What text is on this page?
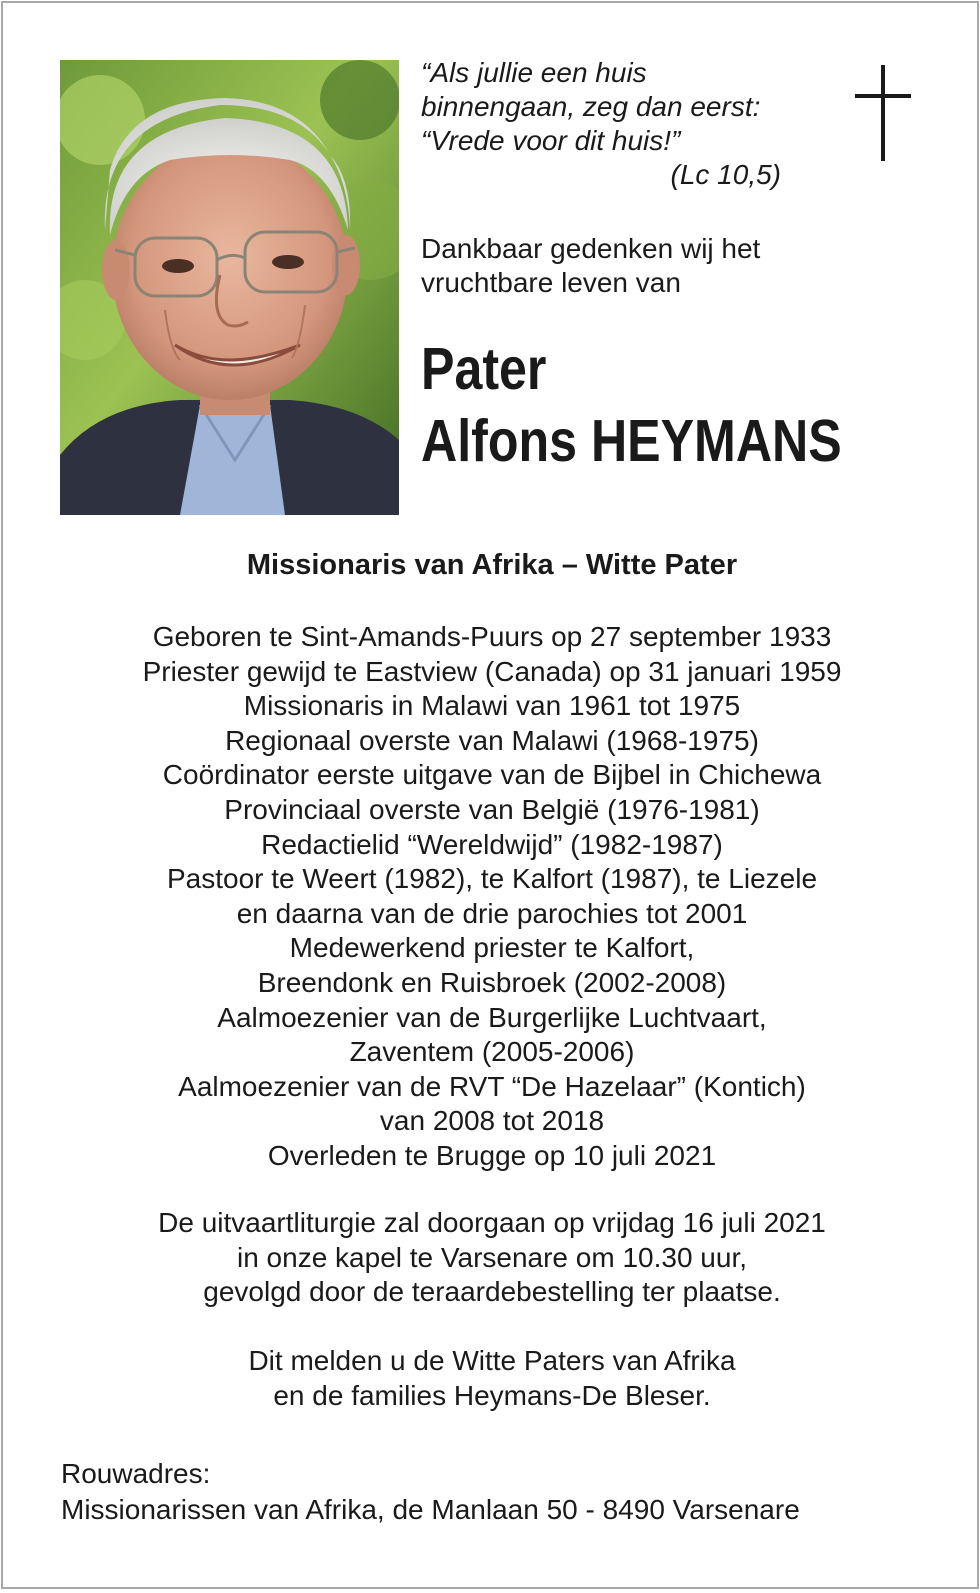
“Als jullie een huis
binnengaan, zeg dan eerst:
“Vrede voor dit huis!”
(Lc 10,5)
Dankbaar gedenken wij het
vruchtbare leven van
Pater
Alfons HEYMANS
Missionaris van Afrika – Witte Pater
Geboren te Sint-Amands-Puurs op 27 september 1933
Priester gewijd te Eastview (Canada) op 31 januari 1959
Missionaris in Malawi van 1961 tot 1975
Regionaal overste van Malawi (1968-1975)
Coördinator eerste uitgave van de Bijbel in Chichewa
Provinciaal overste van België (1976-1981)
Redactielid “Wereldwijd” (1982-1987)
Pastoor te Weert (1982), te Kalfort (1987), te Liezele
en daarna van de drie parochies tot 2001
Medewerkend priester te Kalfort,
Breendonk en Ruisbroek (2002-2008)
Aalmoezenier van de Burgerlijke Luchtvaart,
Zaventem (2005-2006)
Aalmoezenier van de RVT “De Hazelaar” (Kontich)
van 2008 tot 2018
Overleden te Brugge op 10 juli 2021
De uitvaartliturgie zal doorgaan op vrijdag 16 juli 2021
in onze kapel te Varsenare om 10.30 uur,
gevolgd door de teraardebestelling ter plaatse.
Dit melden u de Witte Paters van Afrika
en de families Heymans-De Bleser.
Rouwadres:
Missionarissen van Afrika, de Manlaan 50 - 8490 Varsenare
